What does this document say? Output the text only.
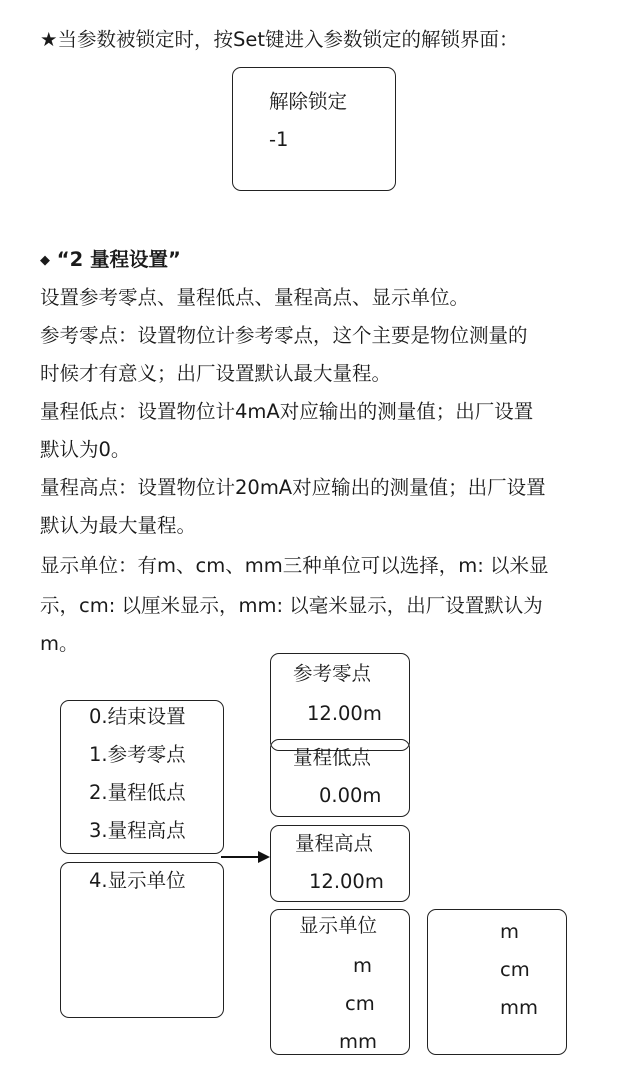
★当参数被锁定时，按Set键进入参数锁定的解锁界面：
解除锁定
-1
◆ “2 量程设置”
设置参考零点、量程低点、量程高点、显示单位。
参考零点：设置物位计参考零点，这个主要是物位测量的
时候才有意义；出厂设置默认最大量程。
量程低点：设置物位计4mA对应输出的测量值；出厂设置
默认为0。
量程高点：设置物位计20mA对应输出的测量值；出厂设置
默认为最大量程。
显示单位：有m、cm、mm三种单位可以选择，m: 以米显
示，cm: 以厘米显示，mm: 以毫米显示，出厂设置默认为
m。
0.结束设置
1.参考零点
2.量程低点
3.量程高点
4.显示单位
参考零点
12.00m
量程低点
0.00m
量程高点
12.00m
显示单位
m
cm
mm
m
cm
mm
